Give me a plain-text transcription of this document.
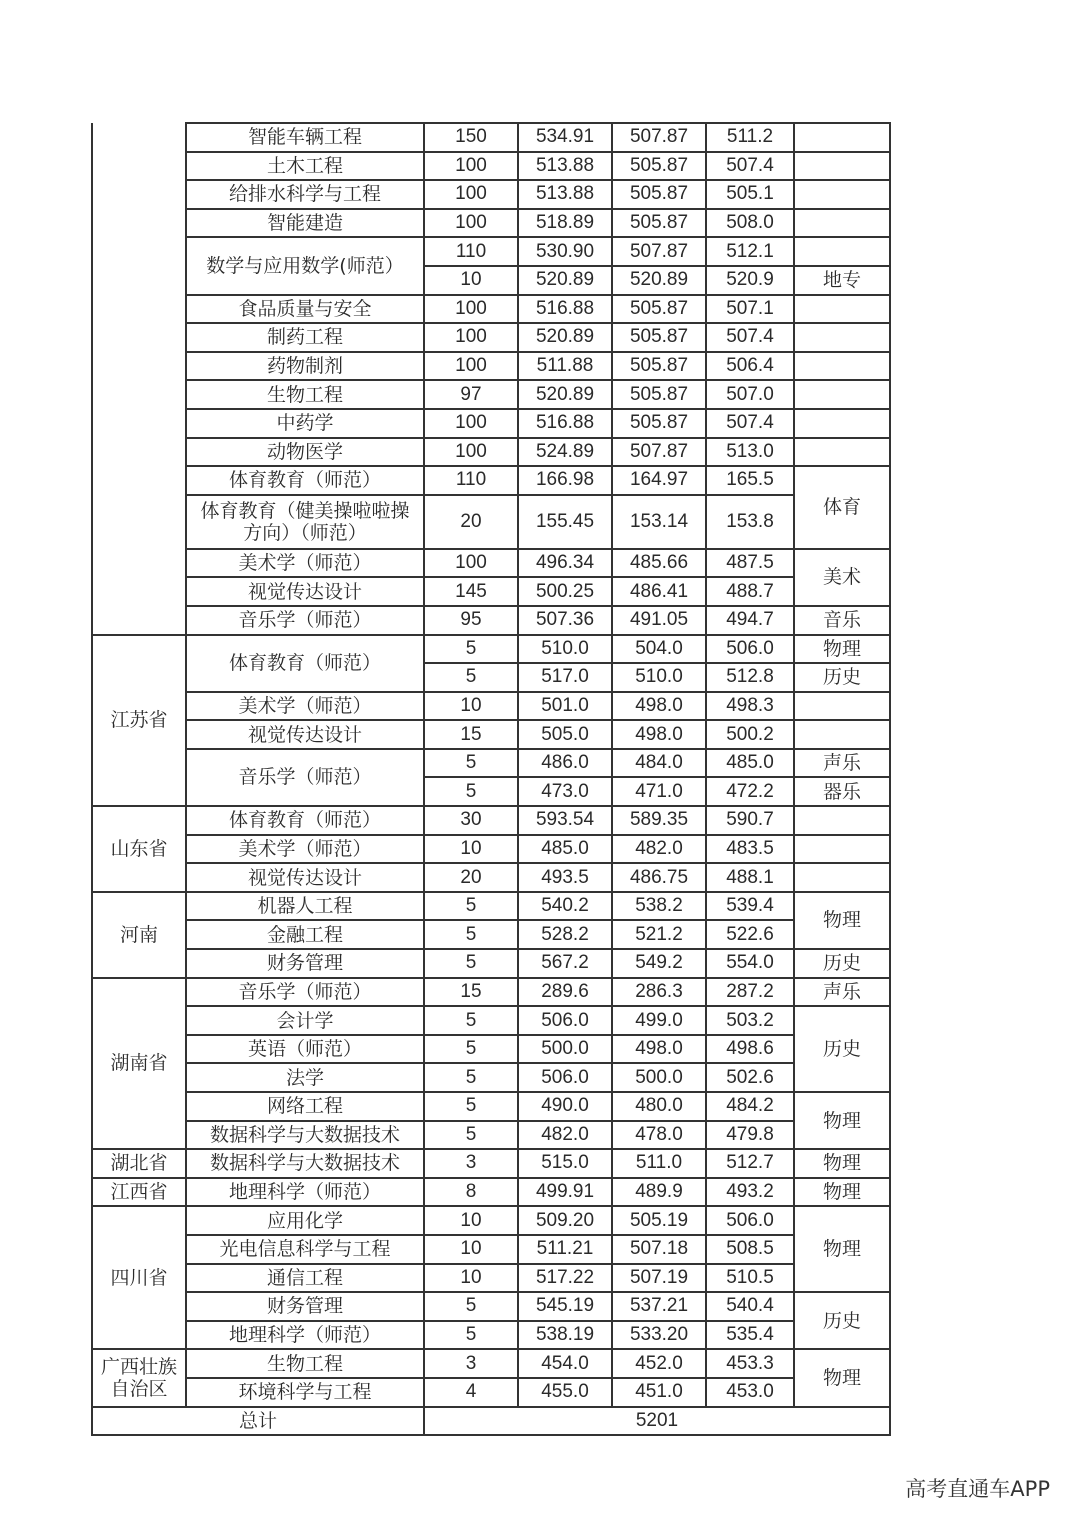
	智能车辆工程	150	534.91	507.87	511.2	
	土木工程	100	513.88	505.87	507.4	
	给排水科学与工程	100	513.88	505.87	505.1	
	智能建造	100	518.89	505.87	508.0	
	数学与应用数学(师范）	110	530.90	507.87	512.1	
		10	520.89	520.89	520.9	地专
	食品质量与安全	100	516.88	505.87	507.1	
	制药工程	100	520.89	505.87	507.4	
	药物制剂	100	511.88	505.87	506.4	
	生物工程	97	520.89	505.87	507.0	
	中药学	100	516.88	505.87	507.4	
	动物医学	100	524.89	507.87	513.0	
	体育教育（师范）	110	166.98	164.97	165.5	体育
	体育教育（健美操啦啦操方向）（师范）	20	155.45	153.14	153.8	
	美术学（师范）	100	496.34	485.66	487.5	美术
	视觉传达设计	145	500.25	486.41	488.7	
	音乐学（师范）	95	507.36	491.05	494.7	音乐
江苏省	体育教育（师范）	5	510.0	504.0	506.0	物理
		5	517.0	510.0	512.8	历史
	美术学（师范）	10	501.0	498.0	498.3	
	视觉传达设计	15	505.0	498.0	500.2	
	音乐学（师范）	5	486.0	484.0	485.0	声乐
		5	473.0	471.0	472.2	器乐
山东省	体育教育（师范）	30	593.54	589.35	590.7	
	美术学（师范）	10	485.0	482.0	483.5	
	视觉传达设计	20	493.5	486.75	488.1	
河南	机器人工程	5	540.2	538.2	539.4	物理
	金融工程	5	528.2	521.2	522.6	
	财务管理	5	567.2	549.2	554.0	历史
湖南省	音乐学（师范）	15	289.6	286.3	287.2	声乐
	会计学	5	506.0	499.0	503.2	历史
	英语（师范）	5	500.0	498.0	498.6	
	法学	5	506.0	500.0	502.6	
	网络工程	5	490.0	480.0	484.2	物理
	数据科学与大数据技术	5	482.0	478.0	479.8	
湖北省	数据科学与大数据技术	3	515.0	511.0	512.7	物理
江西省	地理科学（师范）	8	499.91	489.9	493.2	物理
四川省	应用化学	10	509.20	505.19	506.0	物理
	光电信息科学与工程	10	511.21	507.18	508.5	
	通信工程	10	517.22	507.19	510.5	
	财务管理	5	545.19	537.21	540.4	历史
	地理科学（师范）	5	538.19	533.20	535.4	
广西壮族自治区	生物工程	3	454.0	452.0	453.3	物理
	环境科学与工程	4	455.0	451.0	453.0	
总计		5201				
高考直通车APP
